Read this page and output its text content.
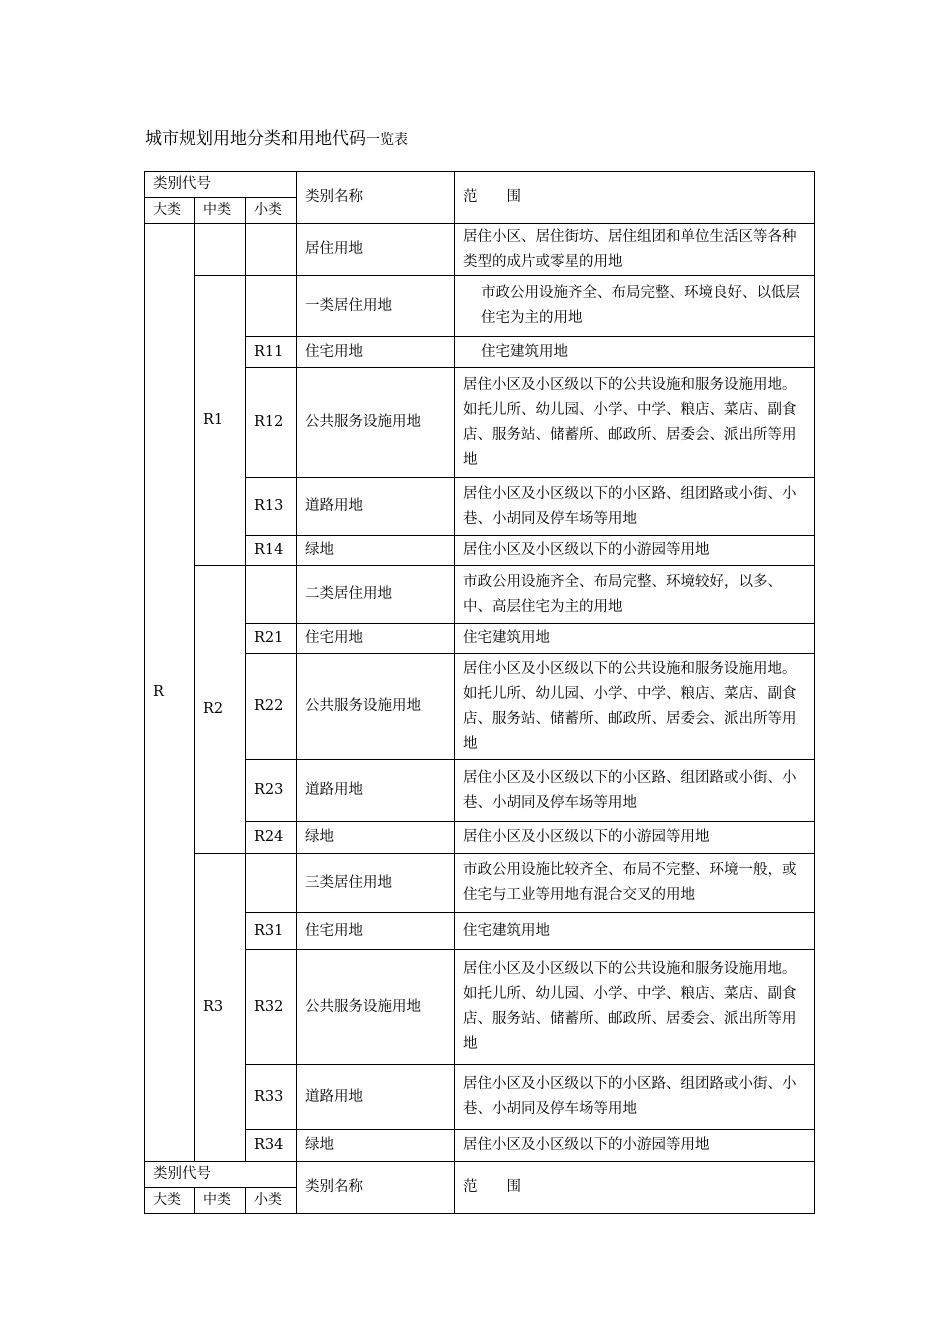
城市规划用地分类和用地代码一览表
类别代号			类别名称	范　　围
大类	中类	小类		
R			居住用地	居住小区、居住街坊、居住组团和单位生活区等各种类型的成片或零星的用地
	R1		一类居住用地	市政公用设施齐全、布局完整、环境良好、以低层住宅为主的用地
		R11	住宅用地	住宅建筑用地
		R12	公共服务设施用地	居住小区及小区级以下的公共设施和服务设施用地。如托儿所、幼儿园、小学、中学、粮店、菜店、副食店、服务站、储蓄所、邮政所、居委会、派出所等用地
		R13	道路用地	居住小区及小区级以下的小区路、组团路或小街、小巷、小胡同及停车场等用地
		R14	绿地	居住小区及小区级以下的小游园等用地
	R2		二类居住用地	市政公用设施齐全、布局完整、环境较好，以多、中、高层住宅为主的用地
		R21	住宅用地	住宅建筑用地
		R22	公共服务设施用地	居住小区及小区级以下的公共设施和服务设施用地。如托儿所、幼儿园、小学、中学、粮店、菜店、副食店、服务站、储蓄所、邮政所、居委会、派出所等用地
		R23	道路用地	居住小区及小区级以下的小区路、组团路或小街、小巷、小胡同及停车场等用地
		R24	绿地	居住小区及小区级以下的小游园等用地
	R3		三类居住用地	市政公用设施比较齐全、布局不完整、环境一般，或住宅与工业等用地有混合交叉的用地
		R31	住宅用地	住宅建筑用地
		R32	公共服务设施用地	居住小区及小区级以下的公共设施和服务设施用地。如托儿所、幼儿园、小学、中学、粮店、菜店、副食店、服务站、储蓄所、邮政所、居委会、派出所等用地
		R33	道路用地	居住小区及小区级以下的小区路、组团路或小街、小巷、小胡同及停车场等用地
		R34	绿地	居住小区及小区级以下的小游园等用地
类别代号			类别名称	范　　围
大类	中类	小类		
